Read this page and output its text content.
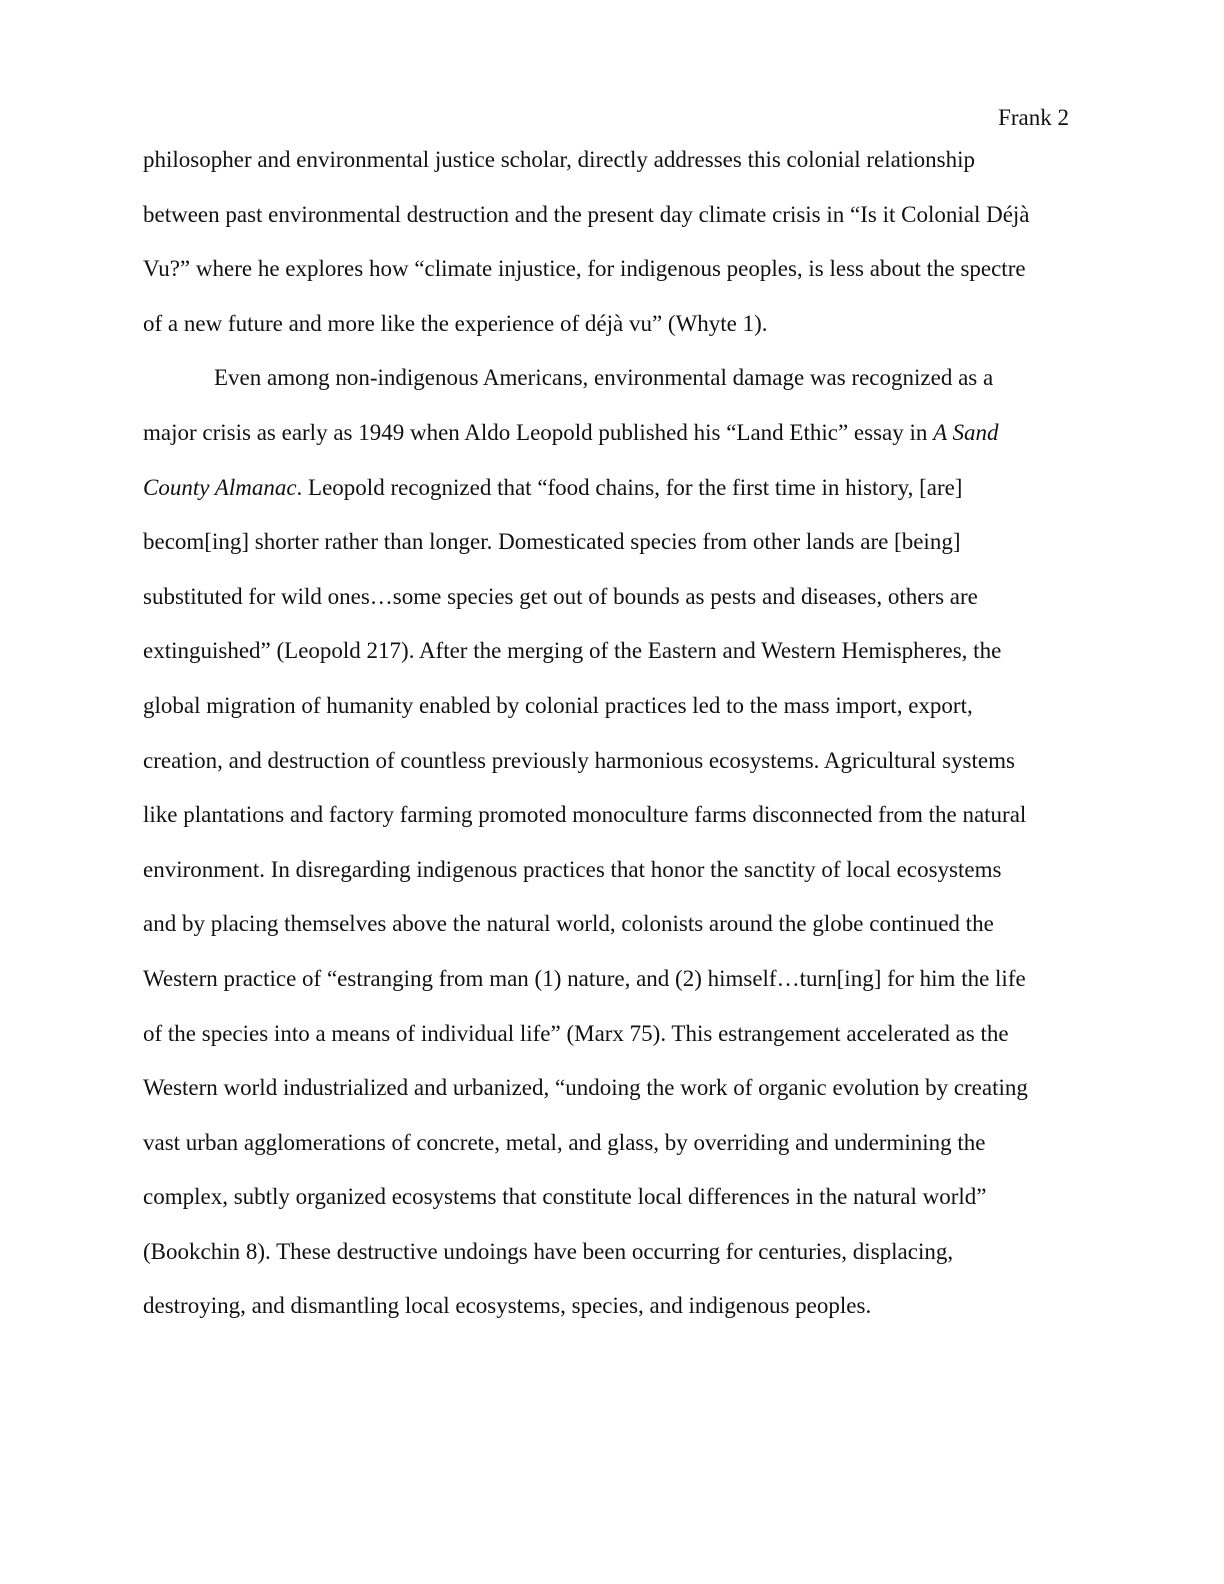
Frank 2
philosopher and environmental justice scholar, directly addresses this colonial relationship
between past environmental destruction and the present day climate crisis in “Is it Colonial Déjà
Vu?” where he explores how “climate injustice, for indigenous peoples, is less about the spectre
of a new future and more like the experience of déjà vu” (Whyte 1).
Even among non-indigenous Americans, environmental damage was recognized as a
major crisis as early as 1949 when Aldo Leopold published his “Land Ethic” essay in A Sand
County Almanac. Leopold recognized that “food chains, for the first time in history, [are]
becom[ing] shorter rather than longer. Domesticated species from other lands are [being]
substituted for wild ones…some species get out of bounds as pests and diseases, others are
extinguished” (Leopold 217). After the merging of the Eastern and Western Hemispheres, the
global migration of humanity enabled by colonial practices led to the mass import, export,
creation, and destruction of countless previously harmonious ecosystems. Agricultural systems
like plantations and factory farming promoted monoculture farms disconnected from the natural
environment. In disregarding indigenous practices that honor the sanctity of local ecosystems
and by placing themselves above the natural world, colonists around the globe continued the
Western practice of “estranging from man (1) nature, and (2) himself…turn[ing] for him the life
of the species into a means of individual life” (Marx 75). This estrangement accelerated as the
Western world industrialized and urbanized, “undoing the work of organic evolution by creating
vast urban agglomerations of concrete, metal, and glass, by overriding and undermining the
complex, subtly organized ecosystems that constitute local differences in the natural world”
(Bookchin 8). These destructive undoings have been occurring for centuries, displacing,
destroying, and dismantling local ecosystems, species, and indigenous peoples.
